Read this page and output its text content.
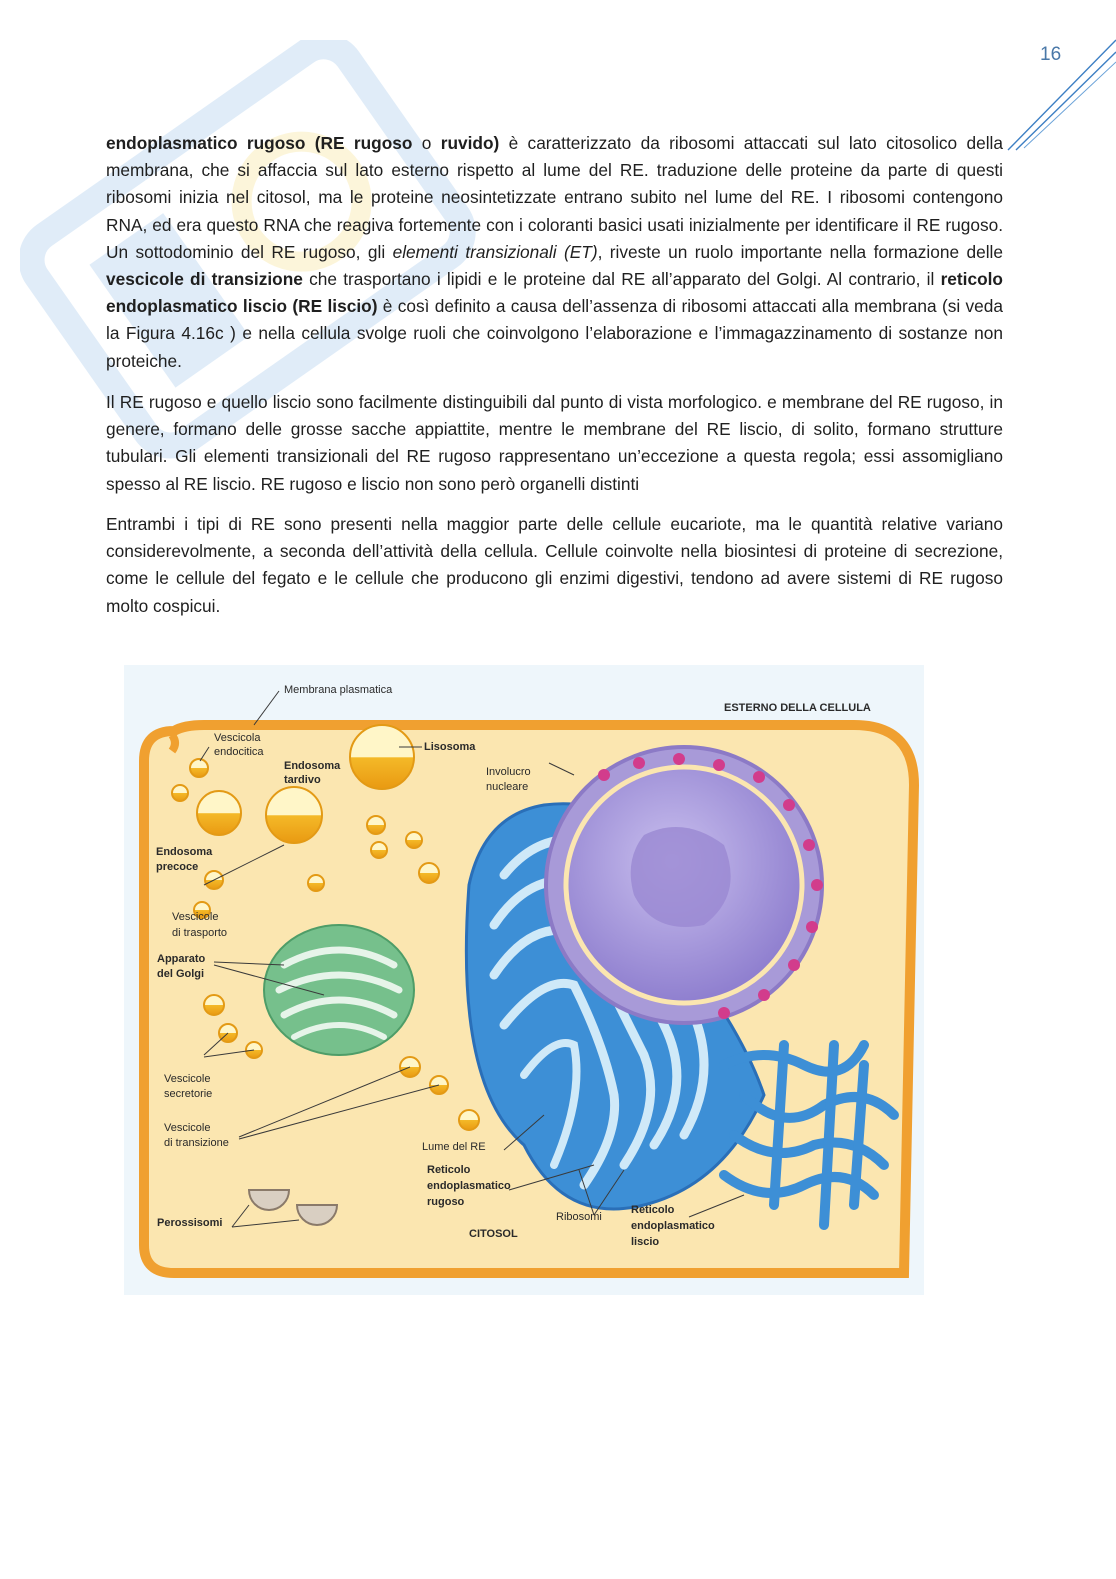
16

endoplasmatico rugoso (RE rugoso o ruvido) è caratterizzato da ribosomi attaccati sul lato citosolico della membrana, che si affaccia sul lato esterno rispetto al lume del RE. traduzione delle proteine da parte di questi ribosomi inizia nel citosol, ma le proteine neosintetizzate entrano subito nel lume del RE. I ribosomi contengono RNA, ed era questo RNA che reagiva fortemente con i coloranti basici usati inizialmente per identificare il RE rugoso. Un sottodominio del RE rugoso, gli elementi transizionali (ET), riveste un ruolo importante nella formazione delle vescicole di transizione che trasportano i lipidi e le proteine dal RE all’apparato del Golgi. Al contrario, il reticolo endoplasmatico liscio (RE liscio) è così definito a causa dell’assenza di ribosomi attaccati alla membrana (si veda la Figura 4.16c ) e nella cellula svolge ruoli che coinvolgono l’elaborazione e l’immagazzinamento di sostanze non proteiche.

Il RE rugoso e quello liscio sono facilmente distinguibili dal punto di vista morfologico. e membrane del RE rugoso, in genere, formano delle grosse sacche appiattite, mentre le membrane del RE liscio, di solito, formano strutture tubulari. Gli elementi transizionali del RE rugoso rappresentano un’eccezione a questa regola; essi assomigliano spesso al RE liscio. RE rugoso e liscio non sono però organelli distinti

Entrambi i tipi di RE sono presenti nella maggior parte delle cellule eucariote, ma le quantità relative variano considerevolmente, a seconda dell’attività della cellula. Cellule coinvolte nella biosintesi di proteine di secrezione, come le cellule del fegato e le cellule che producono gli enzimi digestivi, tendono ad avere sistemi di RE rugoso molto cospicui.

Membrana plasmatica
ESTERNO DELLA CELLULA
Vescicola
endocitica
Endosoma
tardivo
Lisosoma
Involucro
nucleare
Endosoma
precoce
Vescicole
di trasporto
Apparato
del Golgi
Vescicole
secretorie
Vescicole
di transizione	Lume del RE
Reticolo
endoplasmatico
rugoso
Perossisomi	Ribosomi
CITOSOL
Reticolo
endoplasmatico
liscio
